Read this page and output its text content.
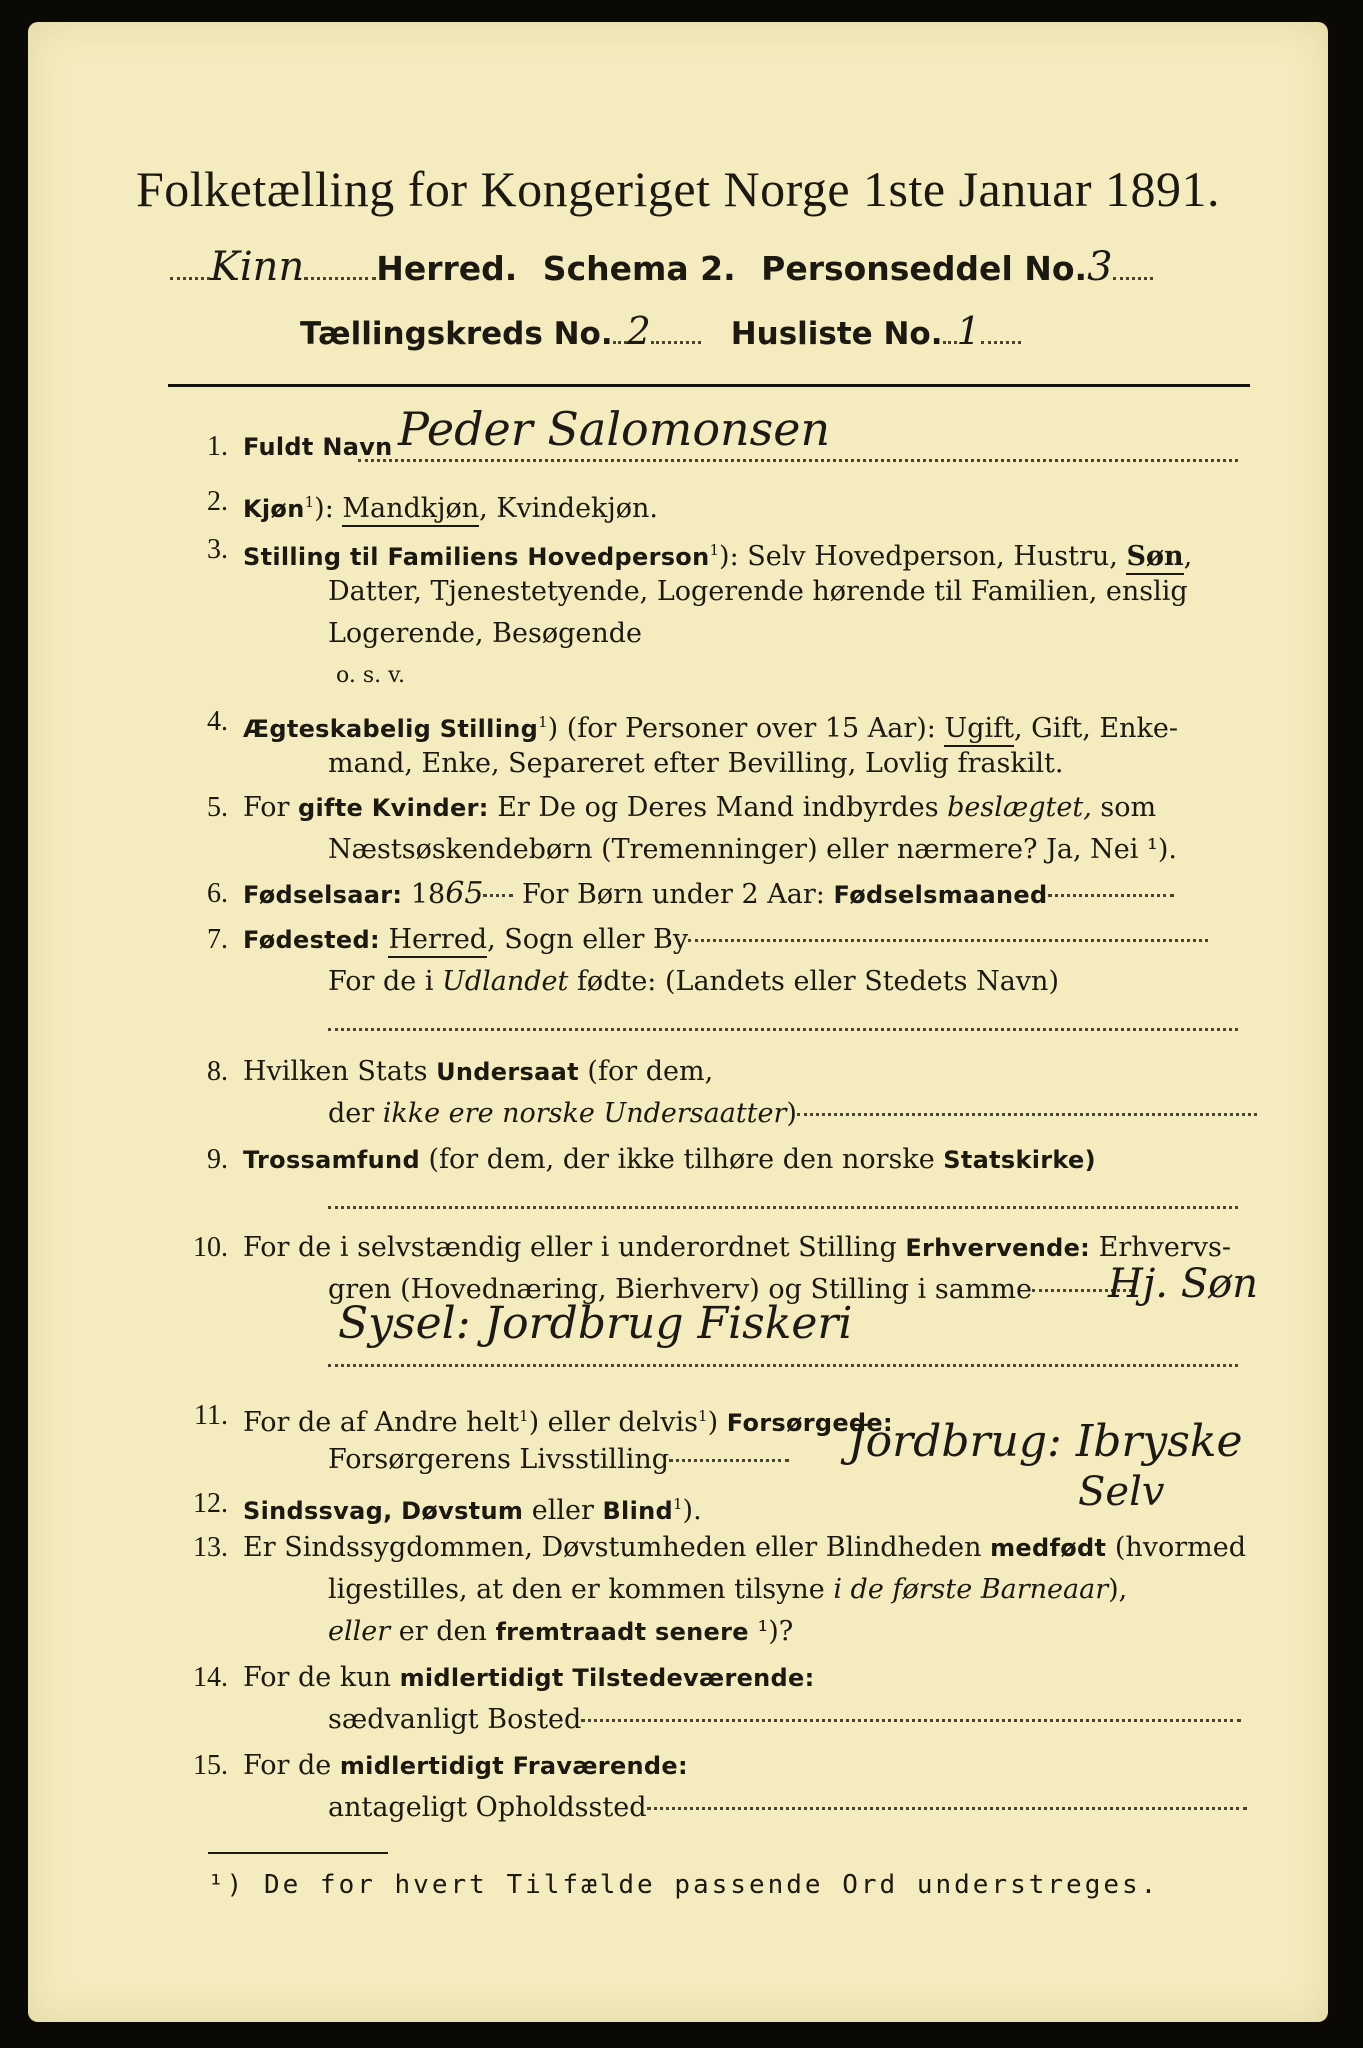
Folketælling for Kongeriget Norge 1ste Januar 1891.
Kinn Herred. Schema 2. Personseddel No.3
Tællingskreds No. 2	Husliste No. 1
1. Fuldt Navn Peder Salomonsen
2. Kjøn$^1$): Mandkjøn, Kvindekjøn.
3. Stilling til Familiens Hovedperson$^1$): Selv Hovedperson, Hustru, Søn,
Datter, Tjenestetyende, Logerende hørende til Familien, enslig
Logerende, Besøgende
o. s. v.
4. Ægteskabelig Stilling$^1$) (for Personer over 15 Aar): Ugift, Gift, Enke-
mand, Enke, Separeret efter Bevilling, Lovlig fraskilt.
5. For gifte Kvinder: Er De og Deres Mand indbyrdes beslægtet, som
Næstsøskendebørn (Tremenninger) eller nærmere? Ja, Nei ¹).
6. Fødselsaar: 1865 For Børn under 2 Aar: Fødselsmaaned
7. Fødested: Herred, Sogn eller By
For de i Udlandet fødte: (Landets eller Stedets Navn)
8. Hvilken Stats Undersaat (for dem,
der ikke ere norske Undersaatter)
9. Trossamfund (for dem, der ikke tilhøre den norske Statskirke)
10. For de i selvstændig eller i underordnet Stilling Erhvervende: Erhvervs-
gren (Hovednæring, Bierhverv) og Stilling i samme	Hj. Søn
Sysel: Jordbrug Fiskeri
11. For de af Andre helt$^1$) eller delvis$^1$) Forsørgede:
Forsørgerens Livsstilling	Jordbrug: Ibryske
12. Sindssvag, Døvstum eller Blind$^1$).	Selv
13. Er Sindssygdommen, Døvstumheden eller Blindheden medfødt (hvormed
ligestilles, at den er kommen tilsyne i de første Barneaar),
eller er den fremtraadt senere ¹)?
14. For de kun midlertidigt Tilstedeværende:
sædvanligt Bosted
15. For de midlertidigt Fraværende:
antageligt Opholdssted
¹) De for hvert Tilfælde passende Ord understreges.
